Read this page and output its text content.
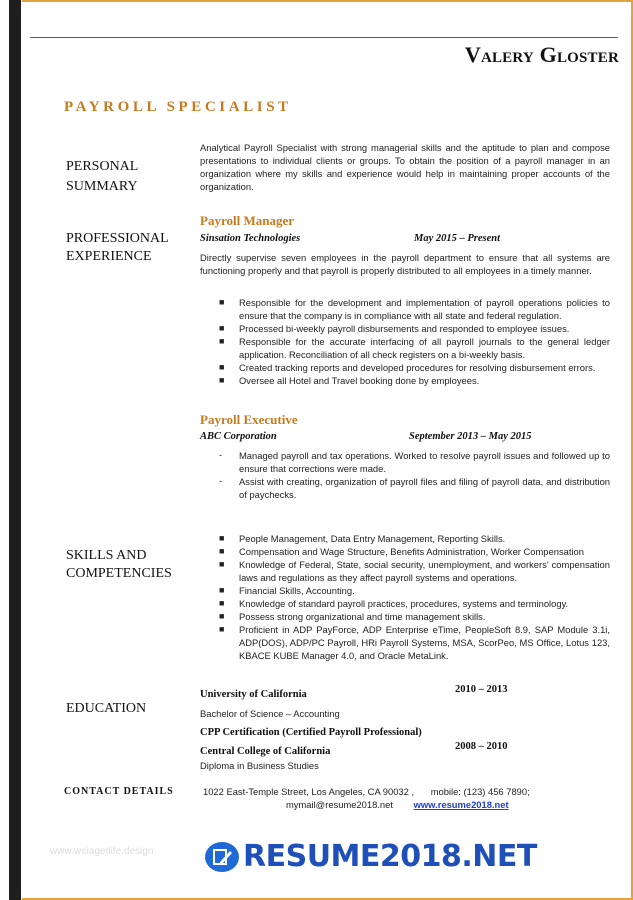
Valery Gloster
PAYROLL SPECIALIST
PERSONAL
SUMMARY
Analytical Payroll Specialist with strong managerial skills and the aptitude to plan and compose presentations to individual clients or groups. To obtain the position of a payroll manager in an organization where my skills and experience would help in maintaining proper accounts of the organization.
PROFESSIONAL
EXPERIENCE
Payroll Manager
Sinsation Technologies	May 2015 – Present
Directly supervise seven employees in the payroll department to ensure that all systems are functioning properly and that payroll is properly distributed to all employees in a timely manner.
■ Responsible for the development and implementation of payroll operations policies to ensure that the company is in compliance with all state and federal regulation.
■ Processed bi-weekly payroll disbursements and responded to employee issues.
■ Responsible for the accurate interfacing of all payroll journals to the general ledger application. Reconciliation of all check registers on a bi-weekly basis.
■ Created tracking reports and developed procedures for resolving disbursement errors.
■ Oversee all Hotel and Travel booking done by employees.
Payroll Executive
ABC Corporation	September 2013 – May 2015
- Managed payroll and tax operations. Worked to resolve payroll issues and followed up to ensure that corrections were made.
- Assist with creating, organization of payroll files and filing of payroll data, and distribution of paychecks.
SKILLS AND
COMPETENCIES
■ People Management, Data Entry Management, Reporting Skills.
■ Compensation and Wage Structure, Benefits Administration, Worker Compensation
■ Knowledge of Federal, State, social security, unemployment, and workers' compensation laws and regulations as they affect payroll systems and operations.
■ Financial Skills, Accounting.
■ Knowledge of standard payroll practices, procedures, systems and terminology.
■ Possess strong organizational and time management skills.
■ Proficient in ADP PayForce, ADP Enterprise eTime, PeopleSoft 8.9, SAP Module 3.1i, ADP(DOS), ADP/PC Payroll, HRi Payroll Systems, MSA, ScorPeo, MS Office, Lotus 123, KBACE KUBE Manager 4.0, and Oracle MetaLink.
EDUCATION
University of California	2010 – 2013
Bachelor of Science – Accounting
CPP Certification (Certified Payroll Professional)
Central College of California	2008 – 2010
Diploma in Business Studies
CONTACT DETAILS	1022 East-Temple Street, Los Angeles, CA 90032 , mobile: (123) 456 7890;
mymail@resume2018.net www.resume2018.net
www.weiagetlife.design	RESUME2018.NET
